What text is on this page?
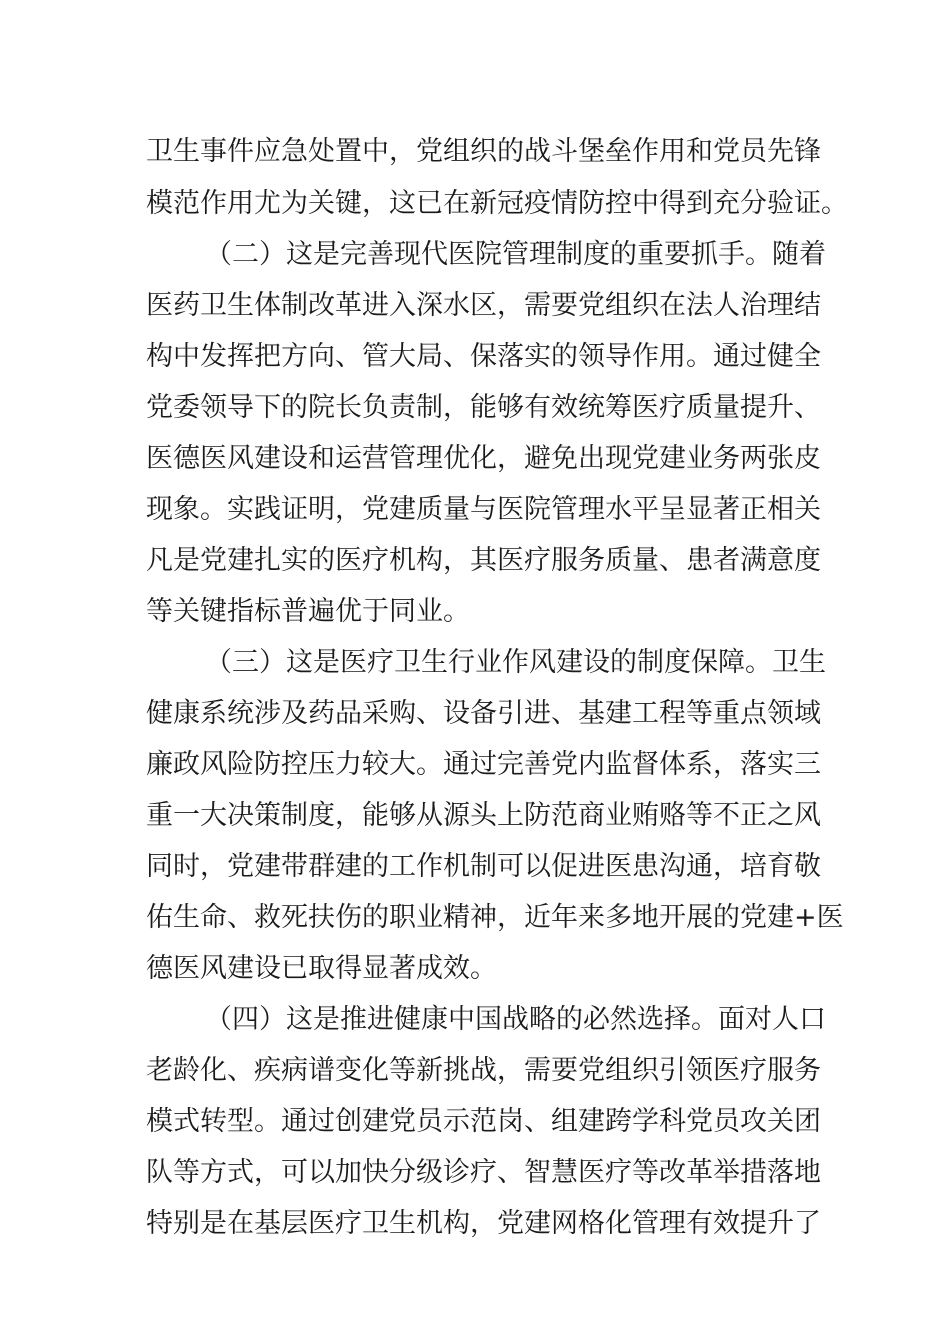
卫生事件应急处置中，党组织的战斗堡垒作用和党员先锋

模范作用尤为关键，这已在新冠疫情防控中得到充分验证。

（二）这是完善现代医院管理制度的重要抓手。随着

医药卫生体制改革进入深水区，需要党组织在法人治理结

构中发挥把方向、管大局、保落实的领导作用。通过健全

党委领导下的院长负责制，能够有效统筹医疗质量提升、

医德医风建设和运营管理优化，避免出现党建业务两张皮

现象。实践证明，党建质量与医院管理水平呈显著正相关

凡是党建扎实的医疗机构，其医疗服务质量、患者满意度

等关键指标普遍优于同业。

（三）这是医疗卫生行业作风建设的制度保障。卫生

健康系统涉及药品采购、设备引进、基建工程等重点领域

廉政风险防控压力较大。通过完善党内监督体系，落实三

重一大决策制度，能够从源头上防范商业贿赂等不正之风

同时，党建带群建的工作机制可以促进医患沟通，培育敬

佑生命、救死扶伤的职业精神，近年来多地开展的党建+医

德医风建设已取得显著成效。

（四）这是推进健康中国战略的必然选择。面对人口

老龄化、疾病谱变化等新挑战，需要党组织引领医疗服务

模式转型。通过创建党员示范岗、组建跨学科党员攻关团

队等方式，可以加快分级诊疗、智慧医疗等改革举措落地

特别是在基层医疗卫生机构，党建网格化管理有效提升了
